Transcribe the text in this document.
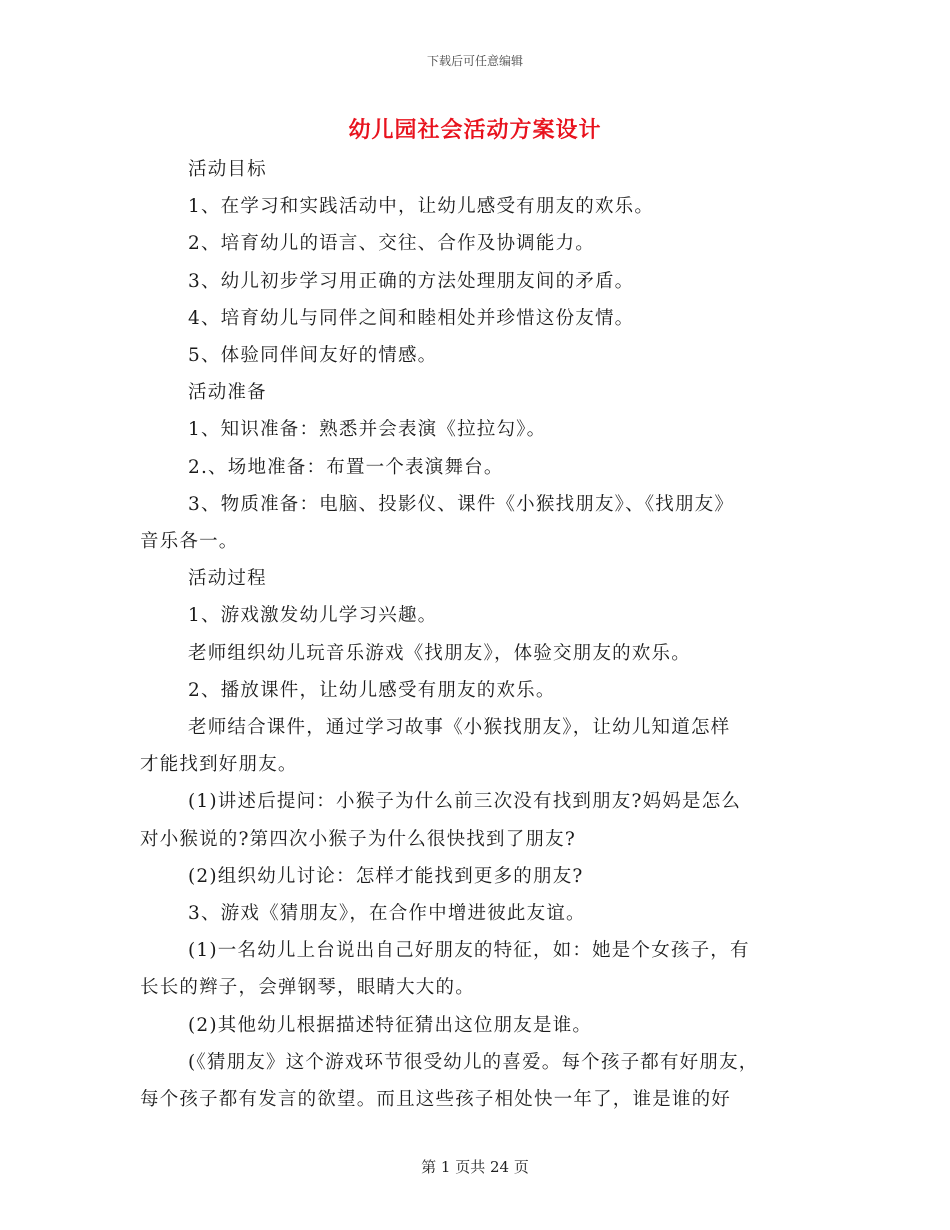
下载后可任意编辑
幼儿园社会活动方案设计

活动目标

1、在学习和实践活动中，让幼儿感受有朋友的欢乐。

2、培育幼儿的语言、交往、合作及协调能力。

3、幼儿初步学习用正确的方法处理朋友间的矛盾。

4、培育幼儿与同伴之间和睦相处并珍惜这份友情。

5、体验同伴间友好的情感。

活动准备

1、知识准备：熟悉并会表演《拉拉勾》。

2.、场地准备：布置一个表演舞台。

3、物质准备：电脑、投影仪、课件《小猴找朋友》、《找朋友》

音乐各一。

活动过程

1、游戏激发幼儿学习兴趣。

老师组织幼儿玩音乐游戏《找朋友》，体验交朋友的欢乐。

2、播放课件，让幼儿感受有朋友的欢乐。

老师结合课件，通过学习故事《小猴找朋友》，让幼儿知道怎样

才能找到好朋友。

(1)讲述后提问：小猴子为什么前三次没有找到朋友?妈妈是怎么

对小猴说的?第四次小猴子为什么很快找到了朋友?

(2)组织幼儿讨论：怎样才能找到更多的朋友?

3、游戏《猜朋友》，在合作中增进彼此友谊。

(1)一名幼儿上台说出自己好朋友的特征，如：她是个女孩子，有

长长的辫子，会弹钢琴，眼睛大大的。

(2)其他幼儿根据描述特征猜出这位朋友是谁。

(《猜朋友》这个游戏环节很受幼儿的喜爱。每个孩子都有好朋友，

每个孩子都有发言的欲望。而且这些孩子相处快一年了，谁是谁的好

第 1 页共 24 页
